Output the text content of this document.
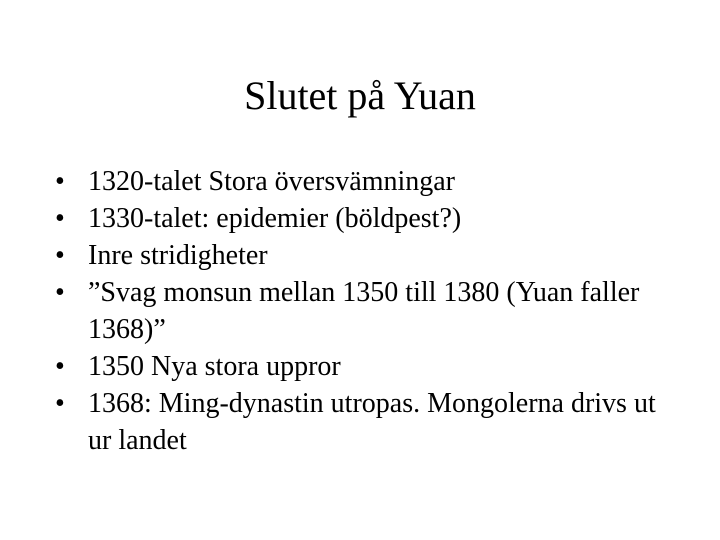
Slutet på Yuan
• 1320-talet Stora översvämningar
• 1330-talet: epidemier (böldpest?)
• Inre stridigheter
• ”Svag monsun mellan 1350 till 1380 (Yuan faller 1368)”
• 1350 Nya stora uppror
• 1368: Ming-dynastin utropas. Mongolerna drivs ut ur landet
